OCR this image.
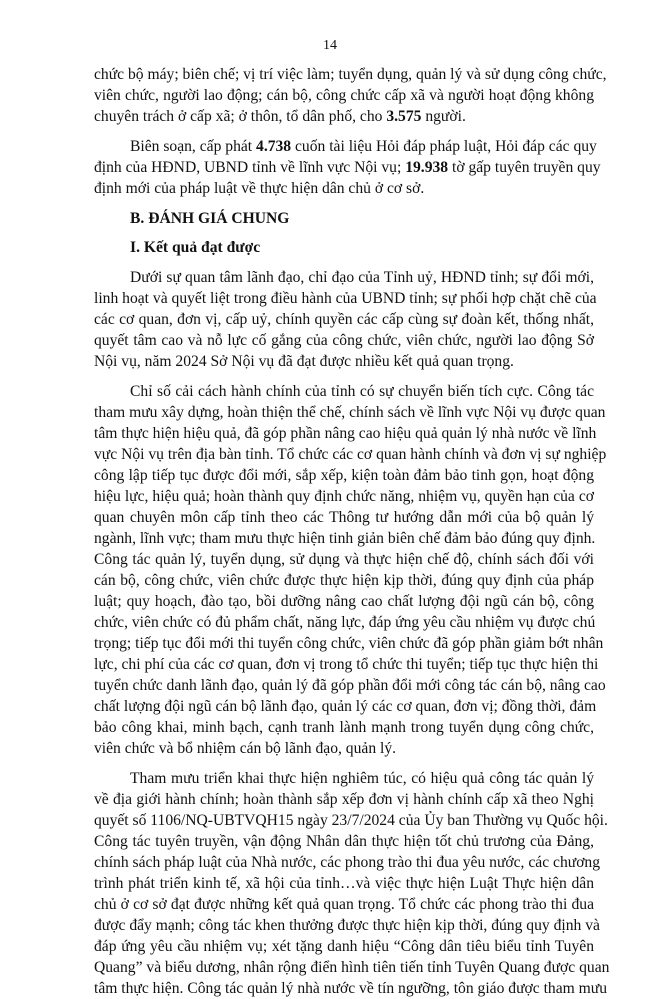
14
chức bộ máy; biên chế; vị trí việc làm; tuyển dụng, quản lý và sử dụng công chức,
viên chức, người lao động; cán bộ, công chức cấp xã và người hoạt động không
chuyên trách ở cấp xã; ở thôn, tổ dân phố, cho 3.575 người.
Biên soạn, cấp phát 4.738 cuốn tài liệu Hỏi đáp pháp luật, Hỏi đáp các quy
định của HĐND, UBND tỉnh về lĩnh vực Nội vụ; 19.938 tờ gấp tuyên truyền quy
định mới của pháp luật về thực hiện dân chủ ở cơ sở.
B. ĐÁNH GIÁ CHUNG
I. Kết quả đạt được
Dưới sự quan tâm lãnh đạo, chỉ đạo của Tỉnh uỷ, HĐND tỉnh; sự đổi mới,
linh hoạt và quyết liệt trong điều hành của UBND tỉnh; sự phối hợp chặt chẽ của
các cơ quan, đơn vị, cấp uỷ, chính quyền các cấp cùng sự đoàn kết, thống nhất,
quyết tâm cao và nỗ lực cố gắng của công chức, viên chức, người lao động Sở
Nội vụ, năm 2024 Sở Nội vụ đã đạt được nhiều kết quả quan trọng.
Chỉ số cải cách hành chính của tỉnh có sự chuyển biến tích cực. Công tác
tham mưu xây dựng, hoàn thiện thể chế, chính sách về lĩnh vực Nội vụ được quan
tâm thực hiện hiệu quả, đã góp phần nâng cao hiệu quả quản lý nhà nước về lĩnh
vực Nội vụ trên địa bàn tỉnh. Tổ chức các cơ quan hành chính và đơn vị sự nghiệp
công lập tiếp tục được đổi mới, sắp xếp, kiện toàn đảm bảo tinh gọn, hoạt động
hiệu lực, hiệu quả; hoàn thành quy định chức năng, nhiệm vụ, quyền hạn của cơ
quan chuyên môn cấp tỉnh theo các Thông tư hướng dẫn mới của bộ quản lý
ngành, lĩnh vực; tham mưu thực hiện tinh giản biên chế đảm bảo đúng quy định.
Công tác quản lý, tuyển dụng, sử dụng và thực hiện chế độ, chính sách đối với
cán bộ, công chức, viên chức được thực hiện kịp thời, đúng quy định của pháp
luật; quy hoạch, đào tạo, bồi dưỡng nâng cao chất lượng đội ngũ cán bộ, công
chức, viên chức có đủ phẩm chất, năng lực, đáp ứng yêu cầu nhiệm vụ được chú
trọng; tiếp tục đổi mới thi tuyển công chức, viên chức đã góp phần giảm bớt nhân
lực, chi phí của các cơ quan, đơn vị trong tổ chức thi tuyển; tiếp tục thực hiện thi
tuyển chức danh lãnh đạo, quản lý đã góp phần đổi mới công tác cán bộ, nâng cao
chất lượng đội ngũ cán bộ lãnh đạo, quản lý các cơ quan, đơn vị; đồng thời, đảm
bảo công khai, minh bạch, cạnh tranh lành mạnh trong tuyển dụng công chức,
viên chức và bổ nhiệm cán bộ lãnh đạo, quản lý.
Tham mưu triển khai thực hiện nghiêm túc, có hiệu quả công tác quản lý
về địa giới hành chính; hoàn thành sắp xếp đơn vị hành chính cấp xã theo Nghị
quyết số 1106/NQ-UBTVQH15 ngày 23/7/2024 của Ủy ban Thường vụ Quốc hội.
Công tác tuyên truyền, vận động Nhân dân thực hiện tốt chủ trương của Đảng,
chính sách pháp luật của Nhà nước, các phong trào thi đua yêu nước, các chương
trình phát triển kinh tế, xã hội của tỉnh…và việc thực hiện Luật Thực hiện dân
chủ ở cơ sở đạt được những kết quả quan trọng. Tổ chức các phong trào thi đua
được đẩy mạnh; công tác khen thưởng được thực hiện kịp thời, đúng quy định và
đáp ứng yêu cầu nhiệm vụ; xét tặng danh hiệu “Công dân tiêu biểu tỉnh Tuyên
Quang” và biểu dương, nhân rộng điển hình tiên tiến tỉnh Tuyên Quang được quan
tâm thực hiện. Công tác quản lý nhà nước về tín ngưỡng, tôn giáo được tham mưu
